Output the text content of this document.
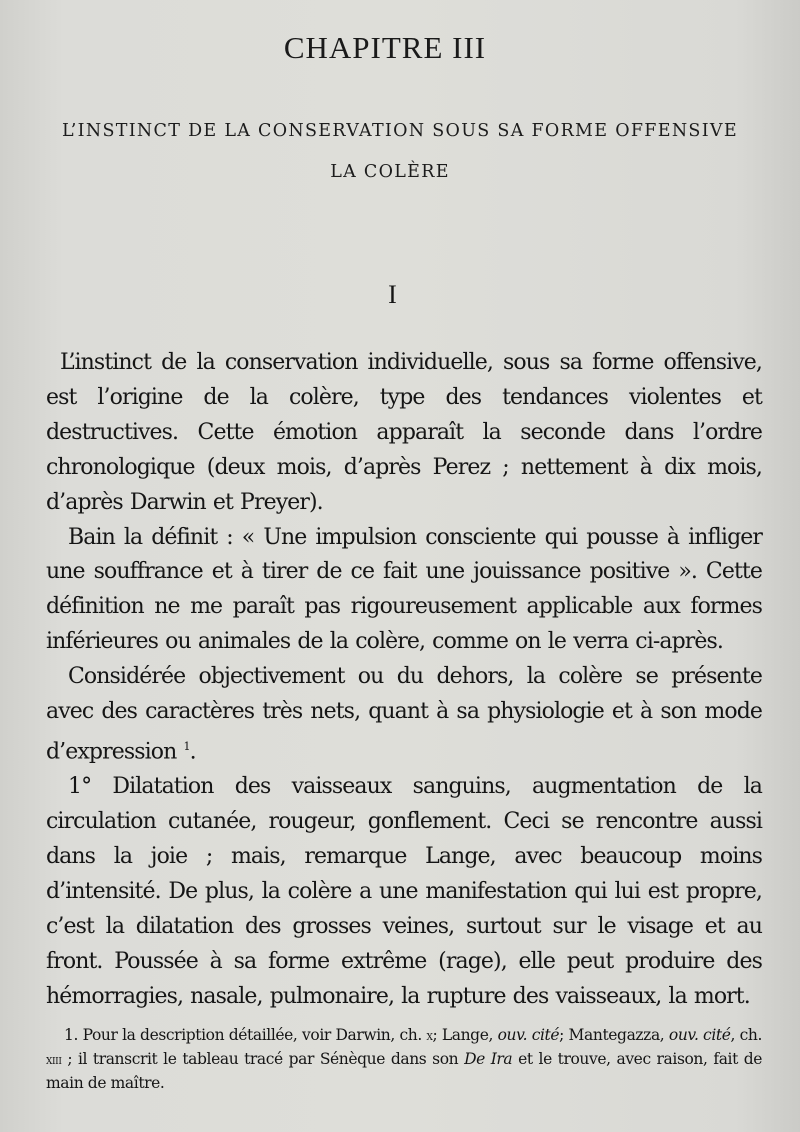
CHAPITRE III
L’INSTINCT DE LA CONSERVATION SOUS SA FORME OFFENSIVE
LA COLÈRE
I

L’instinct de la conservation individuelle, sous sa forme offensive, est l’origine de la colère, type des tendances violentes et destructives. Cette émotion apparaît la seconde dans l’ordre chronologique (deux mois, d’après Perez ; nettement à dix mois, d’après Darwin et Preyer).

Bain la définit : « Une impulsion consciente qui pousse à infliger une souffrance et à tirer de ce fait une jouissance positive ». Cette définition ne me paraît pas rigoureusement applicable aux formes inférieures ou animales de la colère, comme on le verra ci-après.

Considérée objectivement ou du dehors, la colère se présente avec des caractères très nets, quant à sa physiologie et à son mode d’expression $^1$.

1° Dilatation des vaisseaux sanguins, augmentation de la circulation cutanée, rougeur, gonflement. Ceci se rencontre aussi dans la joie ; mais, remarque Lange, avec beaucoup moins d’intensité. De plus, la colère a une manifestation qui lui est propre, c’est la dilatation des grosses veines, surtout sur le visage et au front. Poussée à sa forme extrême (rage), elle peut produire des hémorragies, nasale, pulmonaire, la rupture des vaisseaux, la mort.

1. Pour la description détaillée, voir Darwin, ch. x; Lange, ouv. cité; Mantegazza, ouv. cité, ch. xiii ; il transcrit le tableau tracé par Sénèque dans son De Ira et le trouve, avec raison, fait de main de maître.
